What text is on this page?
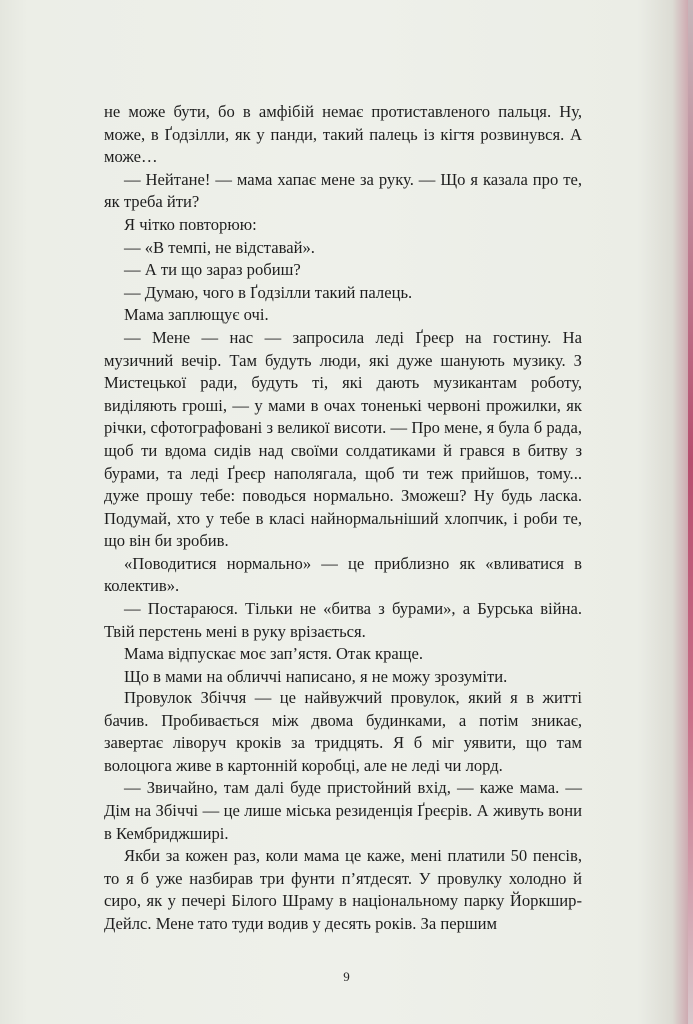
не може бути, бо в амфібій немає протиставленого пальця. Ну, може, в Ґодзілли, як у панди, такий палець із кігтя розвинувся. А може…

— Нейтане! — мама хапає мене за руку. — Що я казала про те, як треба йти?

Я чітко повторюю:

— «В темпі, не відставай».

— А ти що зараз робиш?

— Думаю, чого в Ґодзілли такий палець.

Мама заплющує очі.

— Мене — нас — запросила леді Ґреєр на гостину. На музичний вечір. Там будуть люди, які дуже шанують музику. З Мистецької ради, будуть ті, які дають музикантам роботу, виділяють гроші, — у мами в очах тоненькі червоні прожилки, як річки, сфотографовані з великої висоти. — Про мене, я була б рада, щоб ти вдома сидів над своїми солдатиками й грався в битву з бурами, та леді Ґреєр наполягала, щоб ти теж прийшов, тому... дуже прошу тебе: поводься нормально. Зможеш? Ну будь ласка. Подумай, хто у тебе в класі найнормальніший хлопчик, і роби те, що він би зробив.

«Поводитися нормально» — це приблизно як «вливатися в колектив».

— Постараюся. Тільки не «битва з бурами», а Бурська війна. Твій перстень мені в руку врізається.

Мама відпускає моє зап’ястя. Отак краще.

Що в мами на обличчі написано, я не можу зрозуміти.

Провулок Збіччя — це найвужчий провулок, який я в житті бачив. Пробивається між двома будинками, а потім зникає, завертає ліворуч кроків за тридцять. Я б міг уявити, що там волоцюга живе в картонній коробці, але не леді чи лорд.

— Звичайно, там далі буде пристойний вхід, — каже мама. — Дім на Збіччі — це лише міська резиденція Ґреєрів. А живуть вони в Кембриджширі.

Якби за кожен раз, коли мама це каже, мені платили 50 пенсів, то я б уже назбирав три фунти п’ятдесят. У провулку холодно й сиро, як у печері Білого Шраму в національному парку Йоркшир-Дейлс. Мене тато туди водив у десять років. За першим

9
